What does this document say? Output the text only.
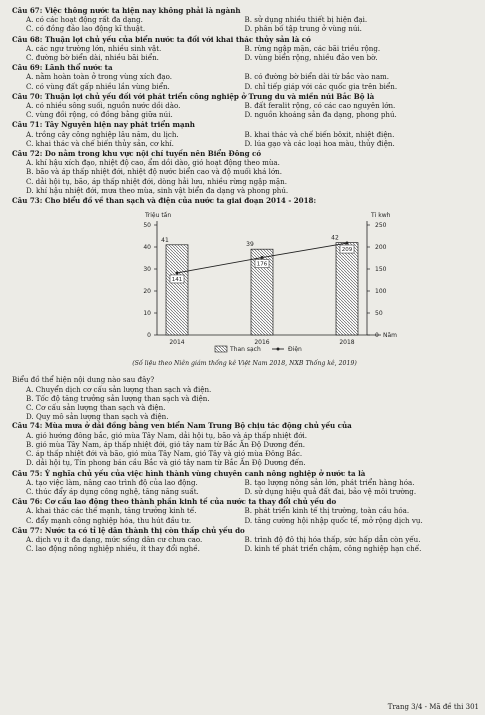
Câu 67: Việc thông nước ta hiện nay không phải là ngành
A. có các hoạt động rất đa dạng.	B. sử dụng nhiều thiết bị hiện đại.
C. có đồng đảo lao động kĩ thuật.	D. phân bố tập trung ở vùng núi.
Câu 68: Thuận lợi chủ yếu của biển nước ta đối với khai thác thủy sản là có
A. các ngư trường lớn, nhiều sinh vật.	B. rừng ngập mặn, các bãi triều rộng.
C. đường bờ biển dài, nhiều bãi biển.	D. vùng biển rộng, nhiều đảo ven bờ.
Câu 69: Lãnh thổ nước ta
A. nằm hoàn toàn ở trong vùng xích đạo.	B. có đường bờ biển dài từ bắc vào nam.
C. có vùng đất gấp nhiều lần vùng biển.	D. chỉ tiếp giáp với các quốc gia trên biển.
Câu 70: Thuận lợi chủ yếu đối với phát triển công nghiệp ở Trung du và miền núi Bắc Bộ là
A. có nhiều sông suối, nguồn nước dồi dào.	B. đất feralit rộng, có các cao nguyên lớn.
C. vùng đồi rộng, có đồng bằng giữa núi.	D. nguồn khoáng sản đa dạng, phong phú.
Câu 71: Tây Nguyên hiện nay phát triển mạnh
A. trồng cây công nghiệp lâu năm, du lịch.	B. khai thác và chế biến bôxit, nhiệt điện.
C. khai thác và chế biến thủy sản, cơ khí.	D. lúa gạo và các loại hoa màu, thủy điện.
Câu 72: Do nằm trong khu vực nội chí tuyến nên Biển Đông có
A. khí hậu xích đạo, nhiệt độ cao, ẩm dồi dào, gió hoạt động theo mùa.
B. bão và áp thấp nhiệt đới, nhiệt độ nước biển cao và độ muối khá lớn.
C. dải hội tụ, bão, áp thấp nhiệt đới, dòng hải lưu, nhiều rừng ngập mặn.
D. khí hậu nhiệt đới, mưa theo mùa, sinh vật biển đa dạng và phong phú.
Câu 73: Cho biểu đồ về than sạch và điện của nước ta giai đoạn 2014 - 2018:
Triệu tấn	Tỉ kwh
Năm
0
10
20
30
40
50
0
50
100
150
200
250
2014	2016	2018
41
39
42
141
176
209
Than sạch	Điện
(Số liệu theo Niên giám thống kê Việt Nam 2018, NXB Thống kê, 2019)
Biểu đồ thể hiện nội dung nào sau đây?
A. Chuyển dịch cơ cấu sản lượng than sạch và điện.
B. Tốc độ tăng trưởng sản lượng than sạch và điện.
C. Cơ cấu sản lượng than sạch và điện.
D. Quy mô sản lượng than sạch và điện.
Câu 74: Mùa mưa ở dải đồng bằng ven biển Nam Trung Bộ chịu tác động chủ yếu của
A. gió hướng đông bắc, gió mùa Tây Nam, dải hội tụ, bão và áp thấp nhiệt đới.
B. gió mùa Tây Nam, áp thấp nhiệt đới, gió tây nam từ Bắc Ấn Độ Dương đến.
C. áp thấp nhiệt đới và bão, gió mùa Tây Nam, gió Tây và gió mùa Đông Bắc.
D. dải hội tụ, Tín phong bán cầu Bắc và gió tây nam từ Bắc Ấn Độ Dương đến.
Câu 75: Ý nghĩa chủ yếu của việc hình thành vùng chuyên canh nông nghiệp ở nước ta là
A. tạo việc làm, nâng cao trình độ của lao động.	B. tạo lượng nông sản lớn, phát triển hàng hóa.
C. thúc đẩy áp dụng công nghệ, tăng năng suất.	D. sử dụng hiệu quả đất đai, bảo vệ môi trường.
Câu 76: Cơ cấu lao động theo thành phần kinh tế của nước ta thay đổi chủ yếu do
A. khai thác các thế mạnh, tăng trưởng kinh tế.	B. phát triển kinh tế thị trường, toàn cầu hóa.
C. đẩy mạnh công nghiệp hóa, thu hút đầu tư.	D. tăng cường hội nhập quốc tế, mở rộng dịch vụ.
Câu 77: Nước ta có tỉ lệ dân thành thị còn thấp chủ yếu do
A. dịch vụ ít đa dạng, mức sống dân cư chưa cao.	B. trình độ đô thị hóa thấp, sức hấp dẫn còn yếu.
C. lao động nông nghiệp nhiều, ít thay đổi nghề.	D. kinh tế phát triển chậm, công nghiệp hạn chế.
Trang 3/4 - Mã đề thi 301
